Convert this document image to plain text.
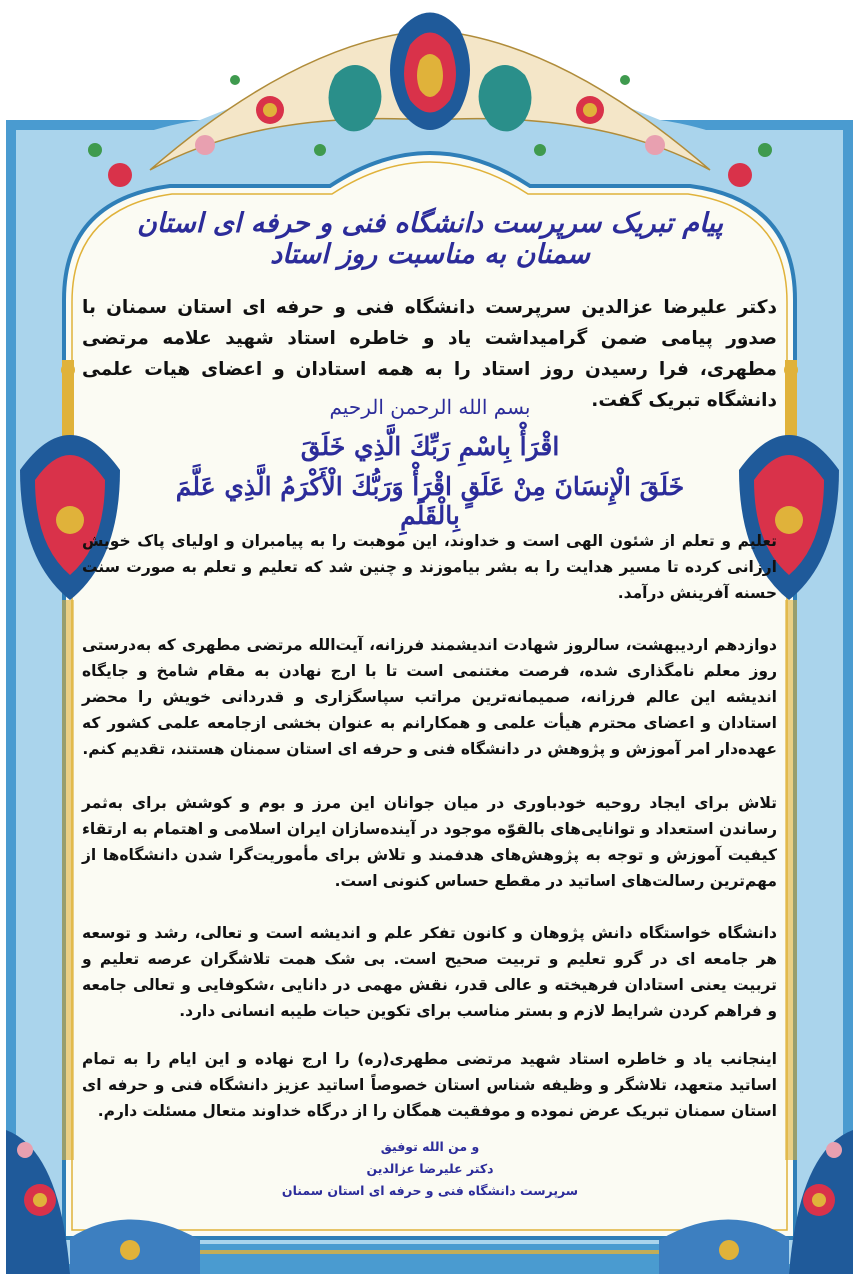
پیام تبریک سرپرست دانشگاه فنی و حرفه ای استان سمنان به مناسبت روز استاد
دکتر علیرضا عزالدین سرپرست دانشگاه فنی و حرفه ای استان سمنان با صدور پیامی ضمن گرامیداشت یاد و خاطره استاد شهید علامه مرتضی مطهری، فرا رسیدن روز استاد را به همه استادان و اعضای هیات علمی دانشگاه تبریک گفت.
بسم الله الرحمن الرحیم
اقْرَأْ بِاسْمِ رَبِّكَ الَّذِي خَلَقَ
خَلَقَ الْإِنسَانَ مِنْ عَلَقٍ اقْرَأْ وَرَبُّكَ الْأَكْرَمُ الَّذِي عَلَّمَ بِالْقَلَمِ
تعلیم و تعلم از شئون الهی است و خداوند، این موهبت را به پیامبران و اولیای پاک خویش ارزانی کرده تا مسیر هدایت را به بشر بیاموزند و چنین شد که تعلیم و تعلم به صورت سنت حسنه آفرینش درآمد.
دوازدهم اردیبهشت، سالروز شهادت اندیشمند فرزانه، آیت‌الله مرتضی مطهری که به‌درستی روز معلم نامگذاری شده، فرصت مغتنمی است تا با ارج نهادن به مقام شامخ و جایگاه اندیشه این عالم فرزانه، صمیمانه‌ترین مراتب سپاسگزاری و قدردانی خویش را محضر استادان و اعضای محترم هیأت علمی و همکارانم به عنوان بخشی ازجامعه علمی کشور که عهده‌دار امر آموزش و پژوهش در دانشگاه فنی و حرفه ای استان سمنان هستند، تقدیم کنم.
تلاش برای ایجاد روحیه خودباوری در میان جوانان این مرز و بوم و کوشش برای به‌ثمر رساندن استعداد و توانایی‌های بالقوّه موجود در آینده‌سازان ایران اسلامی و اهتمام به ارتقاء کیفیت آموزش و توجه به پژوهش‌های هدفمند و تلاش برای مأموریت‌گرا شدن دانشگاه‌ها از مهم‌ترین رسالت‌های اساتید در مقطع حساس کنونی است.
دانشگاه خواستگاه دانش پژوهان و کانون تفکر علم و اندیشه است و تعالی، رشد و توسعه هر جامعه ای در گرو تعلیم و تربیت صحیح است. بی شک همت تلاشگران عرصه تعلیم و تربیت یعنی استادان فرهیخته و عالی قدر، نقش مهمی در دانایی ،شکوفایی و تعالی جامعه و فراهم کردن شرایط لازم و بستر مناسب برای تکوین حیات طیبه انسانی دارد.
اینجانب یاد و خاطره استاد شهید مرتضی مطهری(ره) را ارج نهاده و این ایام را به تمام اساتید متعهد، تلاشگر و وظیفه شناس استان خصوصاً اساتید عزیز دانشگاه فنی و حرفه ای استان سمنان تبریک عرض نموده و موفقیت همگان را از درگاه خداوند متعال مسئلت دارم.
و من الله توفیق
دکتر علیرضا عزالدین
سرپرست دانشگاه فنی و حرفه ای استان سمنان
